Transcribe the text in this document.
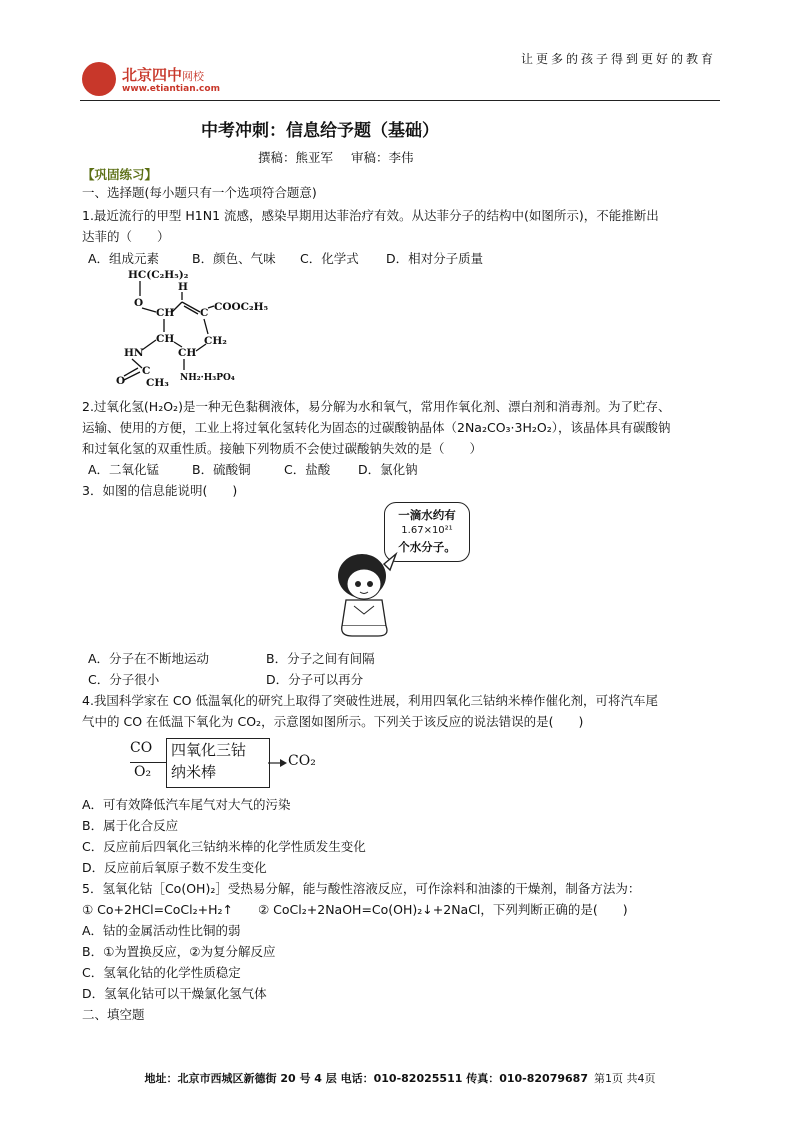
北京四中网校
www.etiantian.com
让更多的孩子得到更好的教育
中考冲刺：信息给予题（基础）
撰稿：熊亚军 审稿：李伟
【巩固练习】
一、选择题(每小题只有一个选项符合题意)
1.最近流行的甲型 H1N1 流感，感染早期用达菲治疗有效。从达菲分子的结构中(如图所示)，不能推断出
达菲的（　　）
A．组成元素	B．颜色、气味 C．化学式 D．相对分子质量
HC(C₂H₅)₂
H
O
CH C COOC₂H₅
CH
CH
CH₂
HN
O
C
CH₃ NH₂·H₃PO₄
2.过氧化氢(H₂O₂)是一种无色黏稠液体，易分解为水和氧气，常用作氧化剂、漂白剂和消毒剂。为了贮存、
运输、使用的方便，工业上将过氧化氢转化为固态的过碳酸钠晶体（2Na₂CO₃·3H₂O₂），该晶体具有碳酸钠
和过氧化氢的双重性质。接触下列物质不会使过碳酸钠失效的是（　　）
A．二氧化锰	B．硫酸铜	C．盐酸 D．氯化钠
3．如图的信息能说明(　　)
一滴水约有
1.67×10²¹
个水分子。
A．分子在不断地运动	B．分子之间有间隔
C．分子很小	D．分子可以再分
4.我国科学家在 CO 低温氧化的研究上取得了突破性进展，利用四氧化三钴纳米棒作催化剂，可将汽车尾
气中的 CO 在低温下氧化为 CO₂，示意图如图所示。下列关于该反应的说法错误的是(　　)
CO
O₂
四氧化三钴
纳米棒
CO₂
A．可有效降低汽车尾气对大气的污染
B．属于化合反应
C．反应前后四氧化三钴纳米棒的化学性质发生变化
D．反应前后氧原子数不发生变化
5．氢氧化钴［Co(OH)₂］受热易分解，能与酸性溶液反应，可作涂料和油漆的干燥剂，制备方法为：
① Co+2HCl=CoCl₂+H₂↑　　② CoCl₂+2NaOH=Co(OH)₂↓+2NaCl，下列判断正确的是(　　)
A．钴的金属活动性比铜的弱
B．①为置换反应，②为复分解反应
C．氢氧化钴的化学性质稳定
D．氢氧化钴可以干燥氯化氢气体
二、填空题
地址：北京市西城区新德街 20 号 4 层 电话：010-82025511 传真：010-82079687 第1页 共4页
